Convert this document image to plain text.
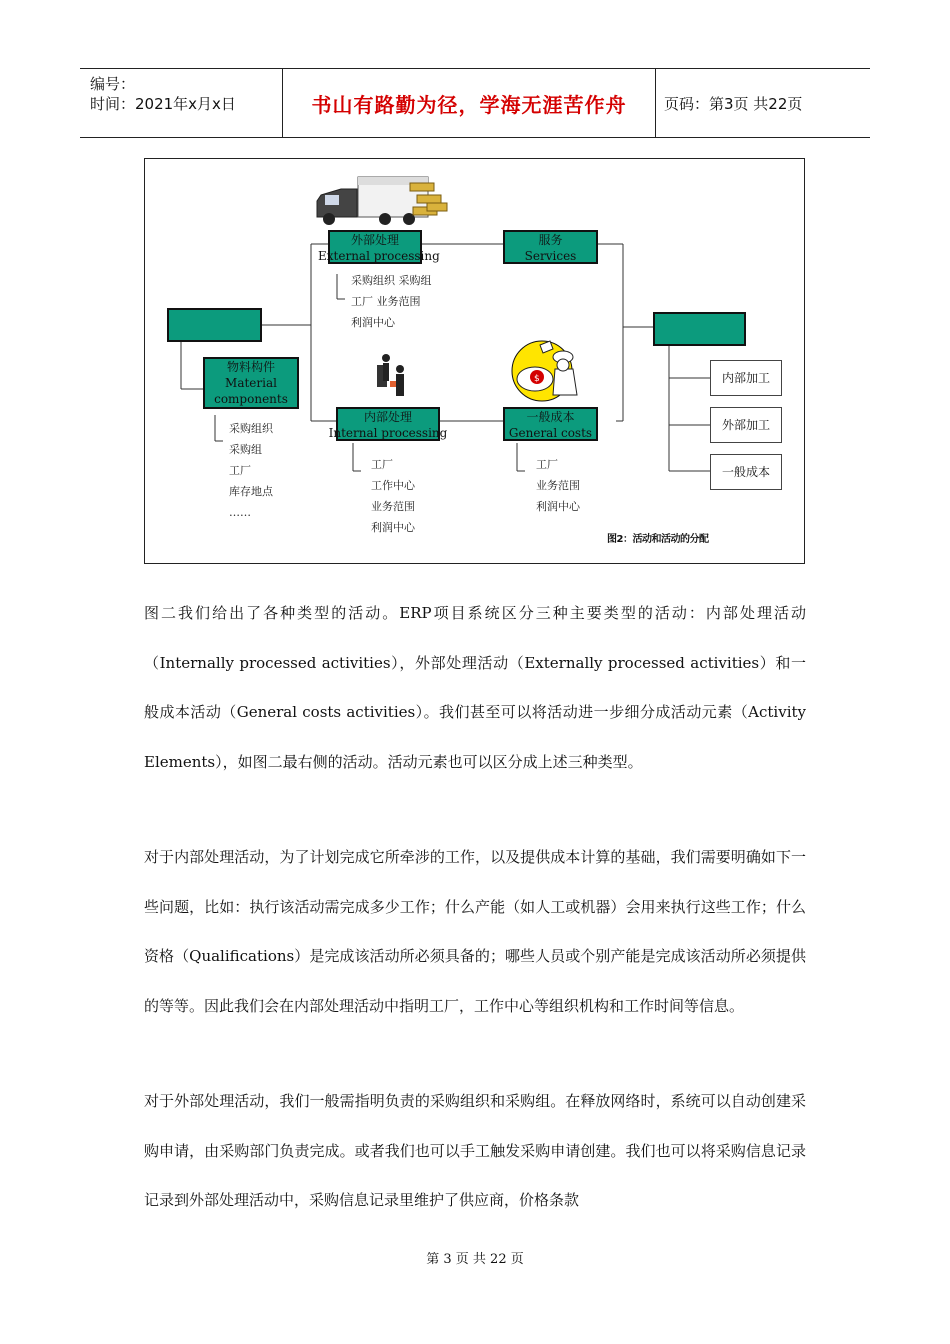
编号：
时间：2021年x月x日	书山有路勤为径，学海无涯苦作舟	页码：第3页 共22页
$
外部处理
External processing
服务
Services
物料构件
Material
components
内部处理
Internal processing
一般成本
General costs
内部加工
外部加工
一般成本
采购组织 采购组
工厂 业务范围
利润中心
采购组织
采购组
工厂
库存地点
……
工厂
工作中心
业务范围
利润中心
工厂
业务范围
利润中心
图2：活动和活动的分配
图二我们给出了各种类型的活动。ERP项目系统区分三种主要类型的活动：内部处理活动（Internally processed activities），外部处理活动（Externally processed activities）和一般成本活动（General costs activities）。我们甚至可以将活动进一步细分成活动元素（Activity Elements），如图二最右侧的活动。活动元素也可以区分成上述三种类型。
对于内部处理活动，为了计划完成它所牵涉的工作，以及提供成本计算的基础，我们需要明确如下一些问题，比如：执行该活动需完成多少工作；什么产能（如人工或机器）会用来执行这些工作；什么资格（Qualifications）是完成该活动所必须具备的；哪些人员或个别产能是完成该活动所必须提供的等等。因此我们会在内部处理活动中指明工厂，工作中心等组织机构和工作时间等信息。
对于外部处理活动，我们一般需指明负责的采购组织和采购组。在释放网络时，系统可以自动创建采购申请，由采购部门负责完成。或者我们也可以手工触发采购申请创建。我们也可以将采购信息记录记录到外部处理活动中，采购信息记录里维护了供应商，价格条款
第 3 页 共 22 页
